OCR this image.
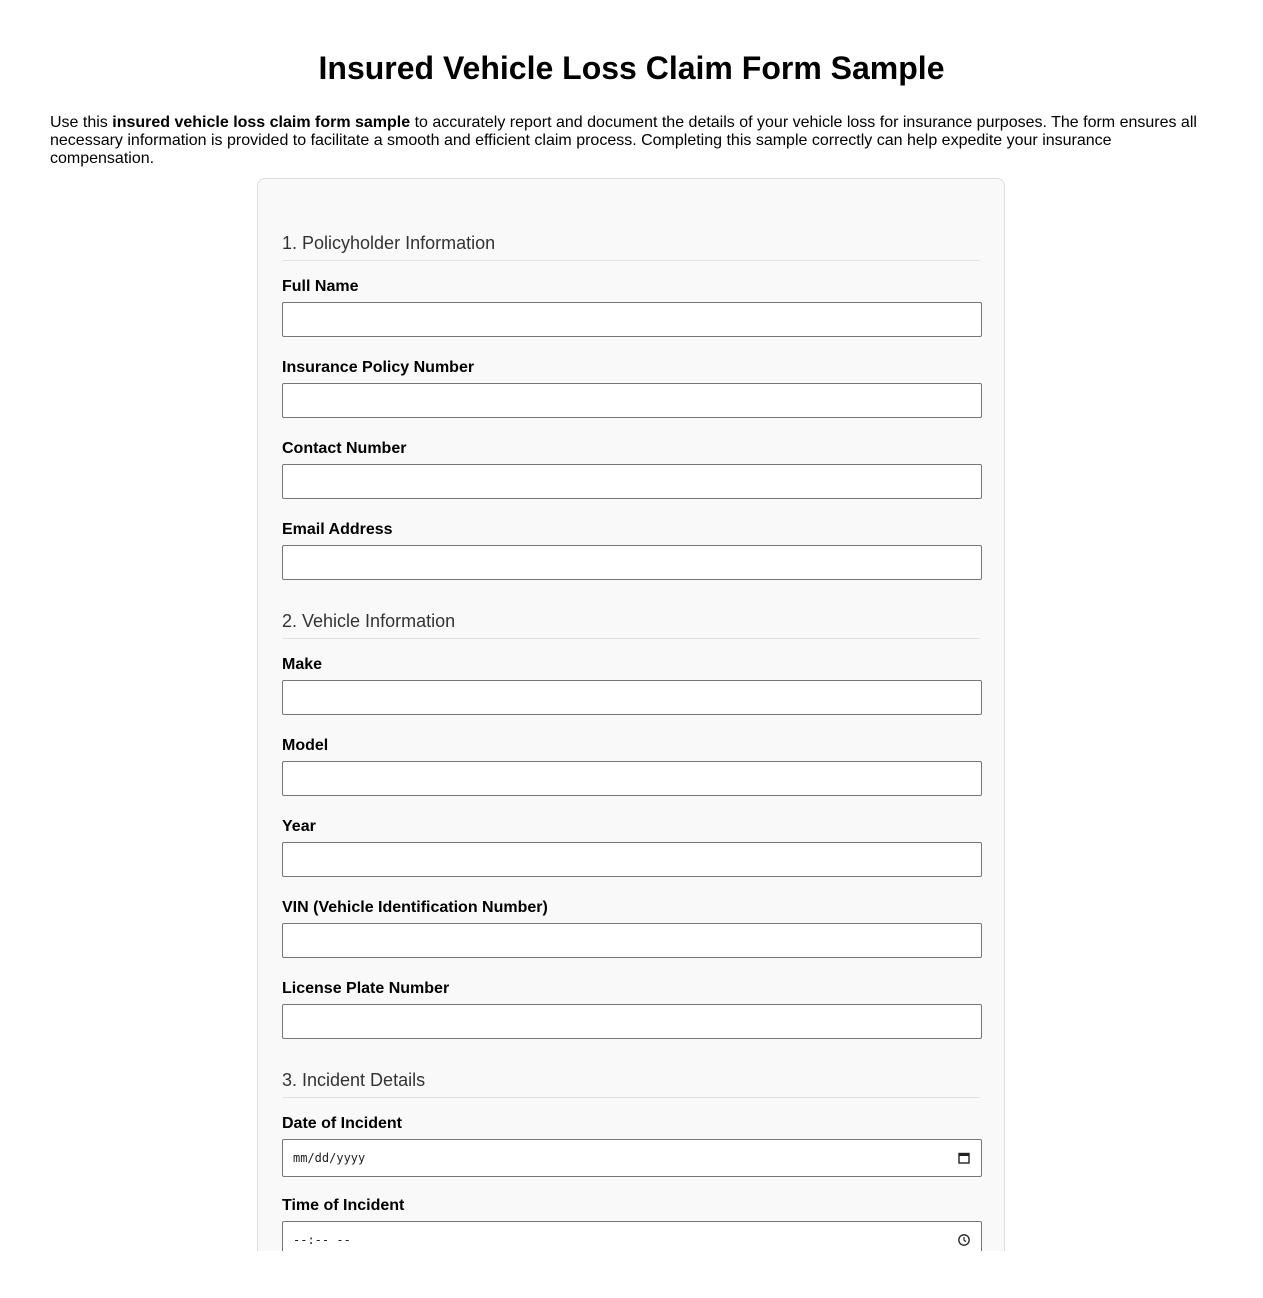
Insured Vehicle Loss Claim Form Sample

Use this insured vehicle loss claim form sample to accurately report and document the details of your vehicle loss for insurance purposes. The form ensures all necessary information is provided to facilitate a smooth and efficient claim process. Completing this sample correctly can help expedite your insurance compensation.

1. Policyholder Information
Full Name
Insurance Policy Number
Contact Number
Email Address
2. Vehicle Information
Make
Model
Year
VIN (Vehicle Identification Number)
License Plate Number
3. Incident Details
Date of Incident
mm/dd/yyyy
Time of Incident
--:-- --
